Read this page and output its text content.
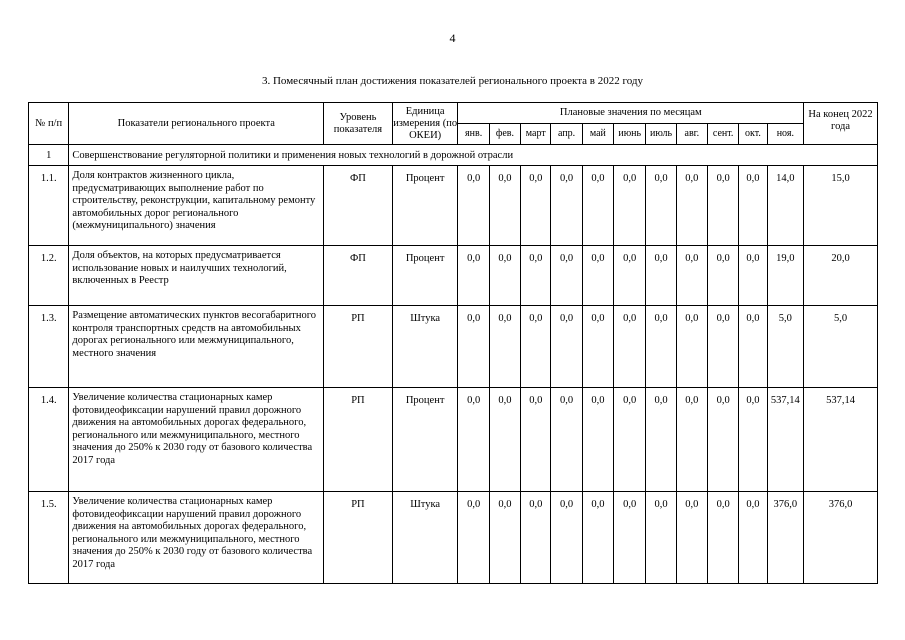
4
3. Помесячный план достижения показателей регионального проекта в 2022 году
№ п/п	Показатели регионального проекта	Уровень показателя	Единица измерения (по ОКЕИ)	Плановые значения по месяцам											На конец 2022 года
				янв.	фев.	март	апр.	май	июнь	июль	авг.	сент.	окт.	ноя.	
1	Совершенствование регуляторной политики и применения новых технологий в дорожной отрасли														
1.1.	Доля контрактов жизненного цикла, предусматривающих выполнение работ по строительству, реконструкции, капитальному ремонту автомобильных дорог регионального (межмуниципального) значения	ФП	Процент	0,0	0,0	0,0	0,0	0,0	0,0	0,0	0,0	0,0	0,0	14,0	15,0
1.2.	Доля объектов, на которых предусматривается использование новых и наилучших технологий, включенных в Реестр	ФП	Процент	0,0	0,0	0,0	0,0	0,0	0,0	0,0	0,0	0,0	0,0	19,0	20,0
1.3.	Размещение автоматических пунктов весогабаритного контроля транспортных средств на автомобильных дорогах регионального или межмуниципального, местного значения	РП	Штука	0,0	0,0	0,0	0,0	0,0	0,0	0,0	0,0	0,0	0,0	5,0	5,0
1.4.	Увеличение количества стационарных камер фотовидеофиксации нарушений правил дорожного движения на автомобильных дорогах федерального, регионального или межмуниципального, местного значения до 250% к 2030 году от базового количества 2017 года	РП	Процент	0,0	0,0	0,0	0,0	0,0	0,0	0,0	0,0	0,0	0,0	537,14	537,14
1.5.	Увеличение количества стационарных камер фотовидеофиксации нарушений правил дорожного движения на автомобильных дорогах федерального, регионального или межмуниципального, местного значения до 250% к 2030 году от базового количества 2017 года	РП	Штука	0,0	0,0	0,0	0,0	0,0	0,0	0,0	0,0	0,0	0,0	376,0	376,0
